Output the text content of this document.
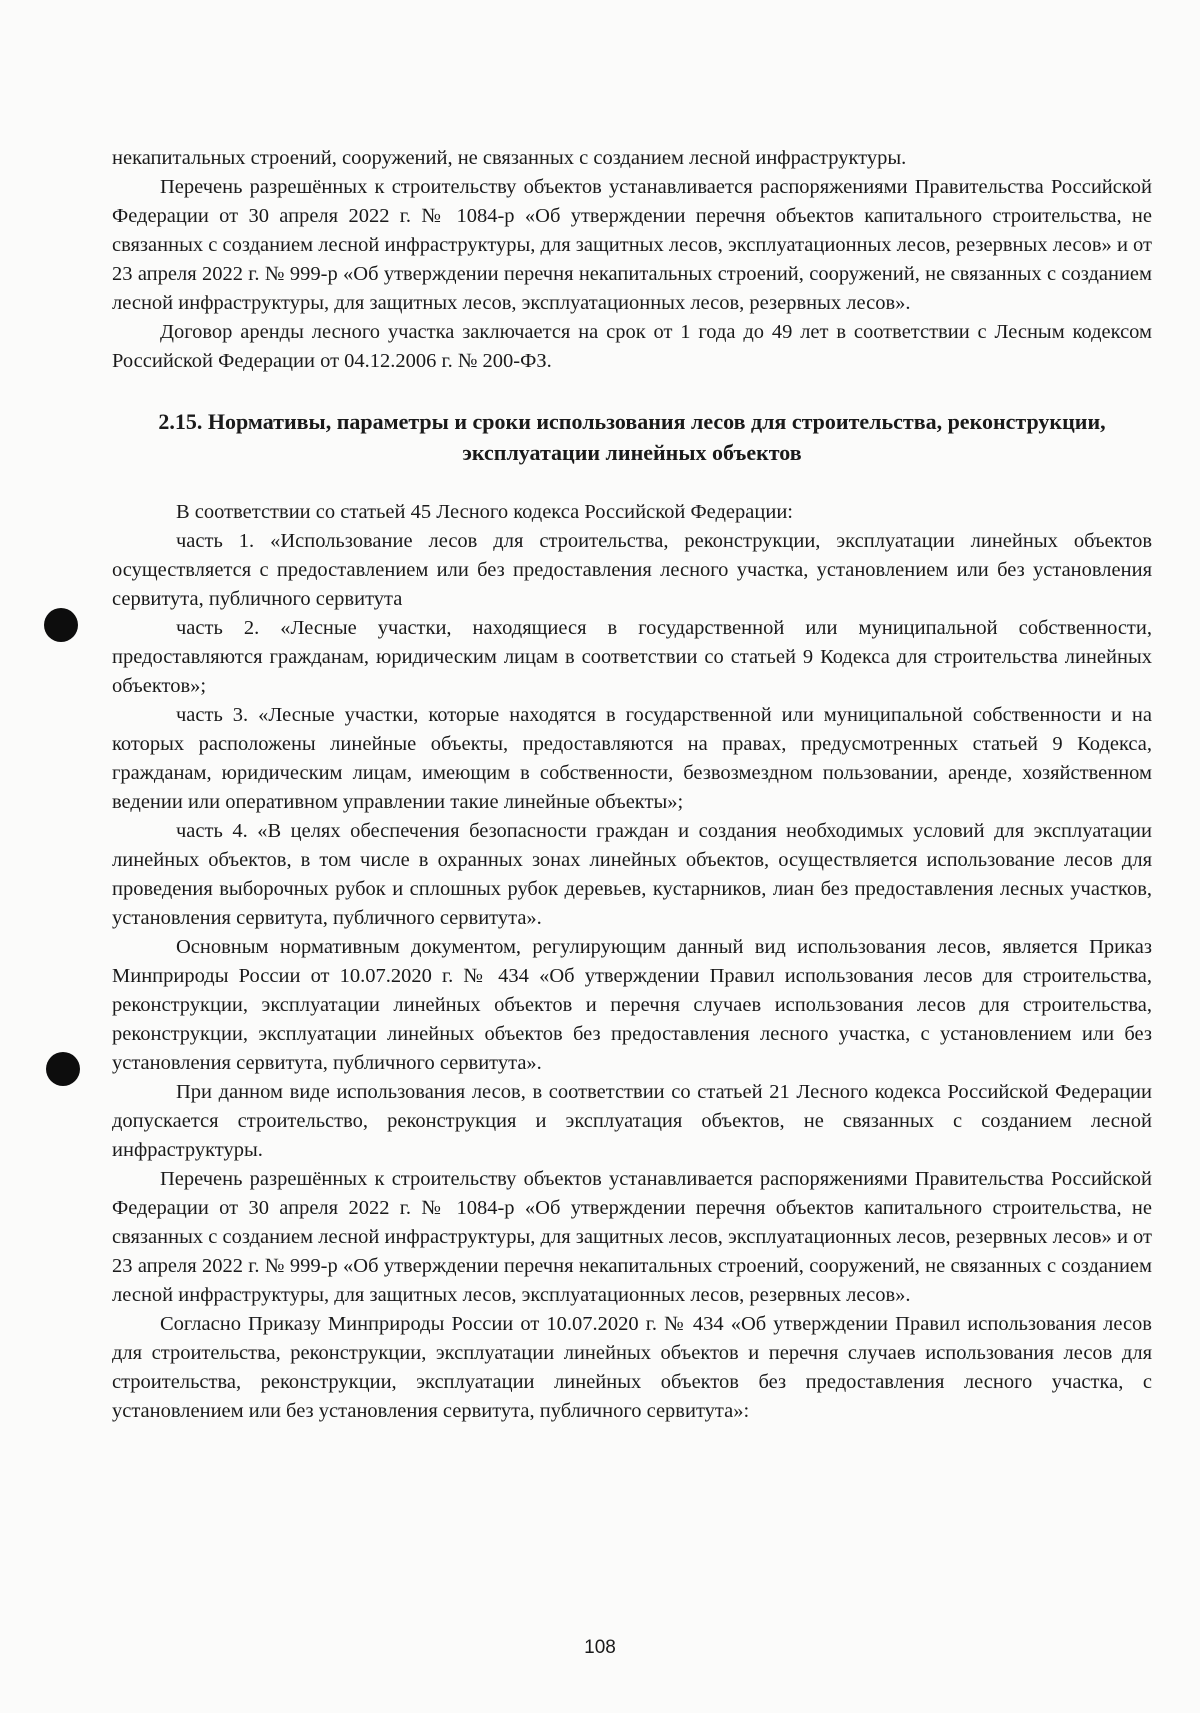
некапитальных строений, сооружений, не связанных с созданием лесной инфраструктуры.

Перечень разрешённых к строительству объектов устанавливается распоряжениями Правительства Российской Федерации от 30 апреля 2022 г. № 1084-р «Об утверждении перечня объектов капитального строительства, не связанных с созданием лесной инфраструктуры, для защитных лесов, эксплуатационных лесов, резервных лесов» и от 23 апреля 2022 г. № 999-р «Об утверждении перечня некапитальных строений, сооружений, не связанных с созданием лесной инфраструктуры, для защитных лесов, эксплуатационных лесов, резервных лесов».

Договор аренды лесного участка заключается на срок от 1 года до 49 лет в соответствии с Лесным кодексом Российской Федерации от 04.12.2006 г. № 200-ФЗ.

2.15. Нормативы, параметры и сроки использования лесов для строительства, реконструкции, эксплуатации линейных объектов

В соответствии со статьей 45 Лесного кодекса Российской Федерации:

часть 1. «Использование лесов для строительства, реконструкции, эксплуатации линейных объектов осуществляется с предоставлением или без предоставления лесного участка, установлением или без установления сервитута, публичного сервитута

часть 2. «Лесные участки, находящиеся в государственной или муниципальной собственности, предоставляются гражданам, юридическим лицам в соответствии со статьей 9 Кодекса для строительства линейных объектов»;

часть 3. «Лесные участки, которые находятся в государственной или муниципальной собственности и на которых расположены линейные объекты, предоставляются на правах, предусмотренных статьей 9 Кодекса, гражданам, юридическим лицам, имеющим в собственности, безвозмездном пользовании, аренде, хозяйственном ведении или оперативном управлении такие линейные объекты»;

часть 4. «В целях обеспечения безопасности граждан и создания необходимых условий для эксплуатации линейных объектов, в том числе в охранных зонах линейных объектов, осуществляется использование лесов для проведения выборочных рубок и сплошных рубок деревьев, кустарников, лиан без предоставления лесных участков, установления сервитута, публичного сервитута».

Основным нормативным документом, регулирующим данный вид использования лесов, является Приказ Минприроды России от 10.07.2020 г. № 434 «Об утверждении Правил использования лесов для строительства, реконструкции, эксплуатации линейных объектов и перечня случаев использования лесов для строительства, реконструкции, эксплуатации линейных объектов без предоставления лесного участка, с установлением или без установления сервитута, публичного сервитута».

При данном виде использования лесов, в соответствии со статьей 21 Лесного кодекса Российской Федерации допускается строительство, реконструкция и эксплуатация объектов, не связанных с созданием лесной инфраструктуры.

Перечень разрешённых к строительству объектов устанавливается распоряжениями Правительства Российской Федерации от 30 апреля 2022 г. № 1084-р «Об утверждении перечня объектов капитального строительства, не связанных с созданием лесной инфраструктуры, для защитных лесов, эксплуатационных лесов, резервных лесов» и от 23 апреля 2022 г. № 999-р «Об утверждении перечня некапитальных строений, сооружений, не связанных с созданием лесной инфраструктуры, для защитных лесов, эксплуатационных лесов, резервных лесов».

Согласно Приказу Минприроды России от 10.07.2020 г. № 434 «Об утверждении Правил использования лесов для строительства, реконструкции, эксплуатации линейных объектов и перечня случаев использования лесов для строительства, реконструкции, эксплуатации линейных объектов без предоставления лесного участка, с установлением или без установления сервитута, публичного сервитута»:

108
